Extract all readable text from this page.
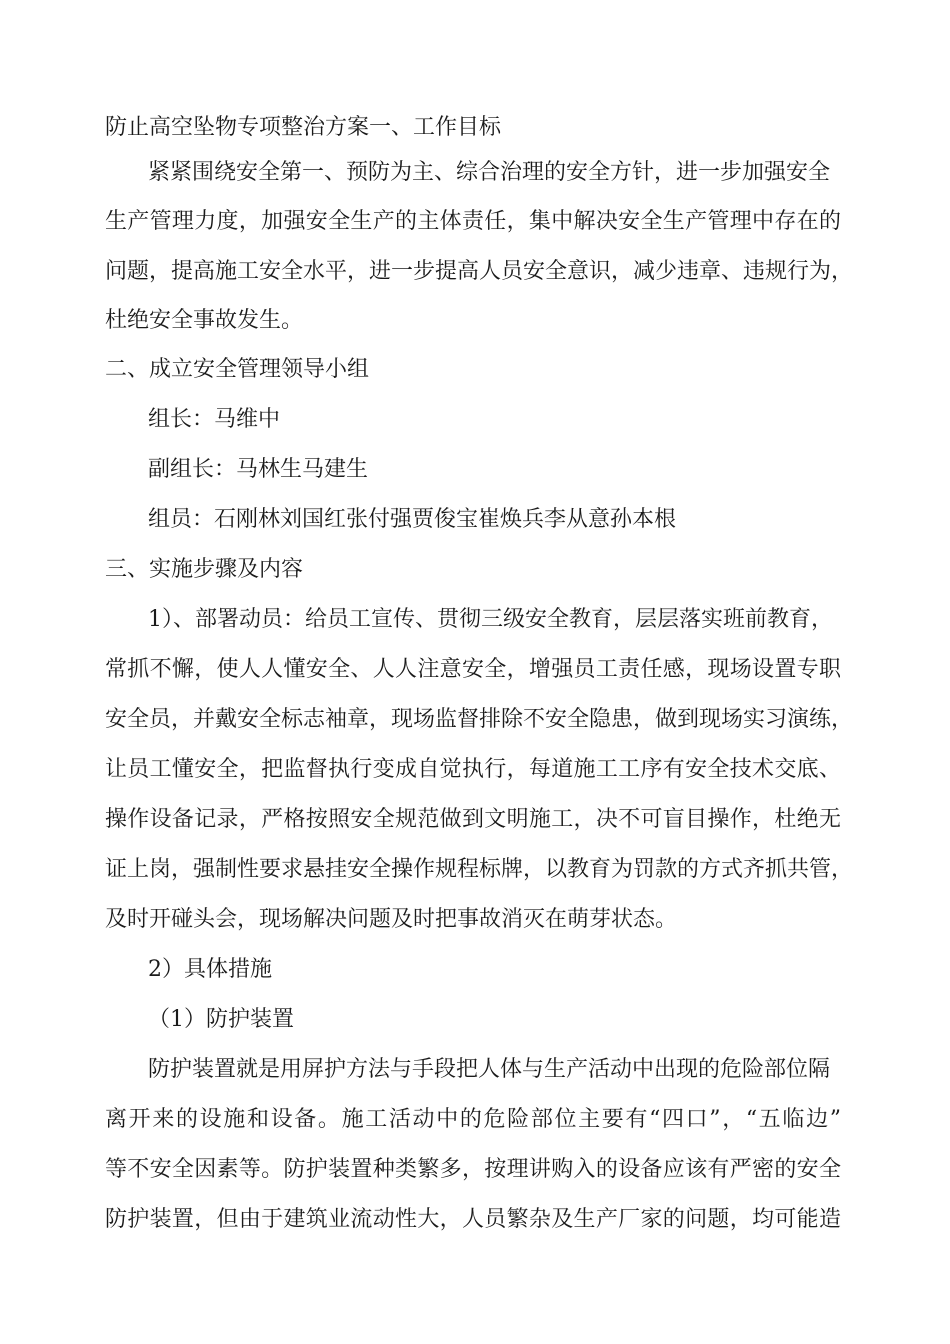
防止高空坠物专项整治方案一、工作目标
紧紧围绕安全第一、预防为主、综合治理的安全方针，进一步加强安全
生产管理力度，加强安全生产的主体责任，集中解决安全生产管理中存在的
问题，提高施工安全水平，进一步提高人员安全意识，减少违章、违规行为，
杜绝安全事故发生。
二、成立安全管理领导小组
组长：马维中
副组长：马林生马建生
组员：石刚林刘国红张付强贾俊宝崔焕兵李从意孙本根
三、实施步骤及内容
1）、部署动员：给员工宣传、贯彻三级安全教育，层层落实班前教育，
常抓不懈，使人人懂安全、人人注意安全，增强员工责任感，现场设置专职
安全员，并戴安全标志袖章，现场监督排除不安全隐患，做到现场实习演练，
让员工懂安全，把监督执行变成自觉执行，每道施工工序有安全技术交底、
操作设备记录，严格按照安全规范做到文明施工，决不可盲目操作，杜绝无
证上岗，强制性要求悬挂安全操作规程标牌，以教育为罚款的方式齐抓共管，
及时开碰头会，现场解决问题及时把事故消灭在萌芽状态。
2）具体措施
（1）防护装置
防护装置就是用屏护方法与手段把人体与生产活动中出现的危险部位隔
离开来的设施和设备。施工活动中的危险部位主要有“四口”，“五临边”
等不安全因素等。防护装置种类繁多，按理讲购入的设备应该有严密的安全
防护装置，但由于建筑业流动性大，人员繁杂及生产厂家的问题，均可能造
